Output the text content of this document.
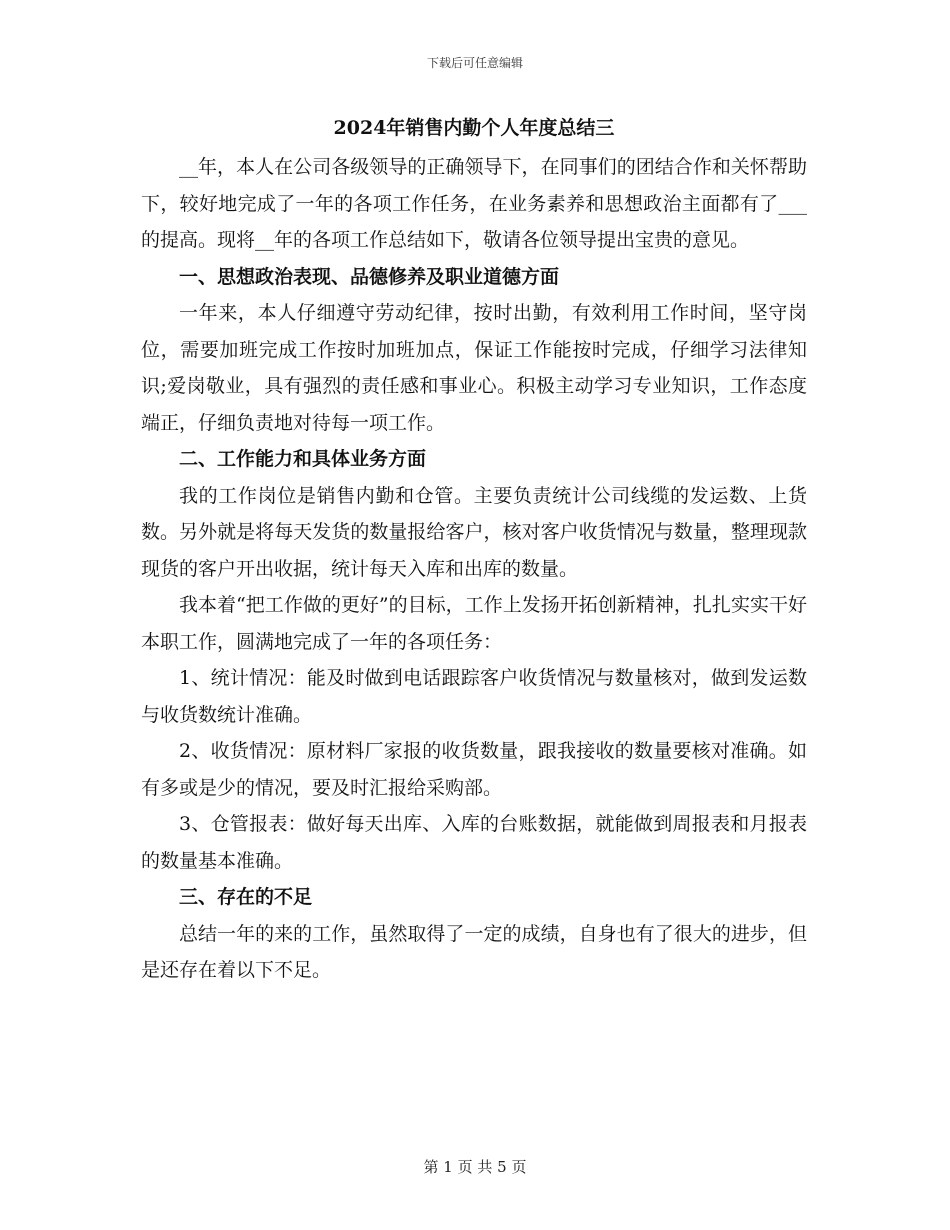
下载后可任意编辑
2024年销售内勤个人年度总结三

__年，本人在公司各级领导的正确领导下，在同事们的团结合作和关怀帮助下，较好地完成了一年的各项工作任务，在业务素养和思想政治主面都有了___的提高。现将__年的各项工作总结如下，敬请各位领导提出宝贵的意见。

一、思想政治表现、品德修养及职业道德方面

一年来，本人仔细遵守劳动纪律，按时出勤，有效利用工作时间，坚守岗位，需要加班完成工作按时加班加点，保证工作能按时完成，仔细学习法律知识;爱岗敬业，具有强烈的责任感和事业心。积极主动学习专业知识，工作态度端正，仔细负责地对待每一项工作。

二、工作能力和具体业务方面

我的工作岗位是销售内勤和仓管。主要负责统计公司线缆的发运数、上货数。另外就是将每天发货的数量报给客户，核对客户收货情况与数量，整理现款现货的客户开出收据，统计每天入库和出库的数量。

我本着“把工作做的更好”的目标，工作上发扬开拓创新精神，扎扎实实干好本职工作，圆满地完成了一年的各项任务：

1、统计情况：能及时做到电话跟踪客户收货情况与数量核对，做到发运数与收货数统计准确。

2、收货情况：原材料厂家报的收货数量，跟我接收的数量要核对准确。如有多或是少的情况，要及时汇报给采购部。

3、仓管报表：做好每天出库、入库的台账数据，就能做到周报表和月报表的数量基本准确。

三、存在的不足

总结一年的来的工作，虽然取得了一定的成绩，自身也有了很大的进步，但是还存在着以下不足。

第 1 页 共 5 页
